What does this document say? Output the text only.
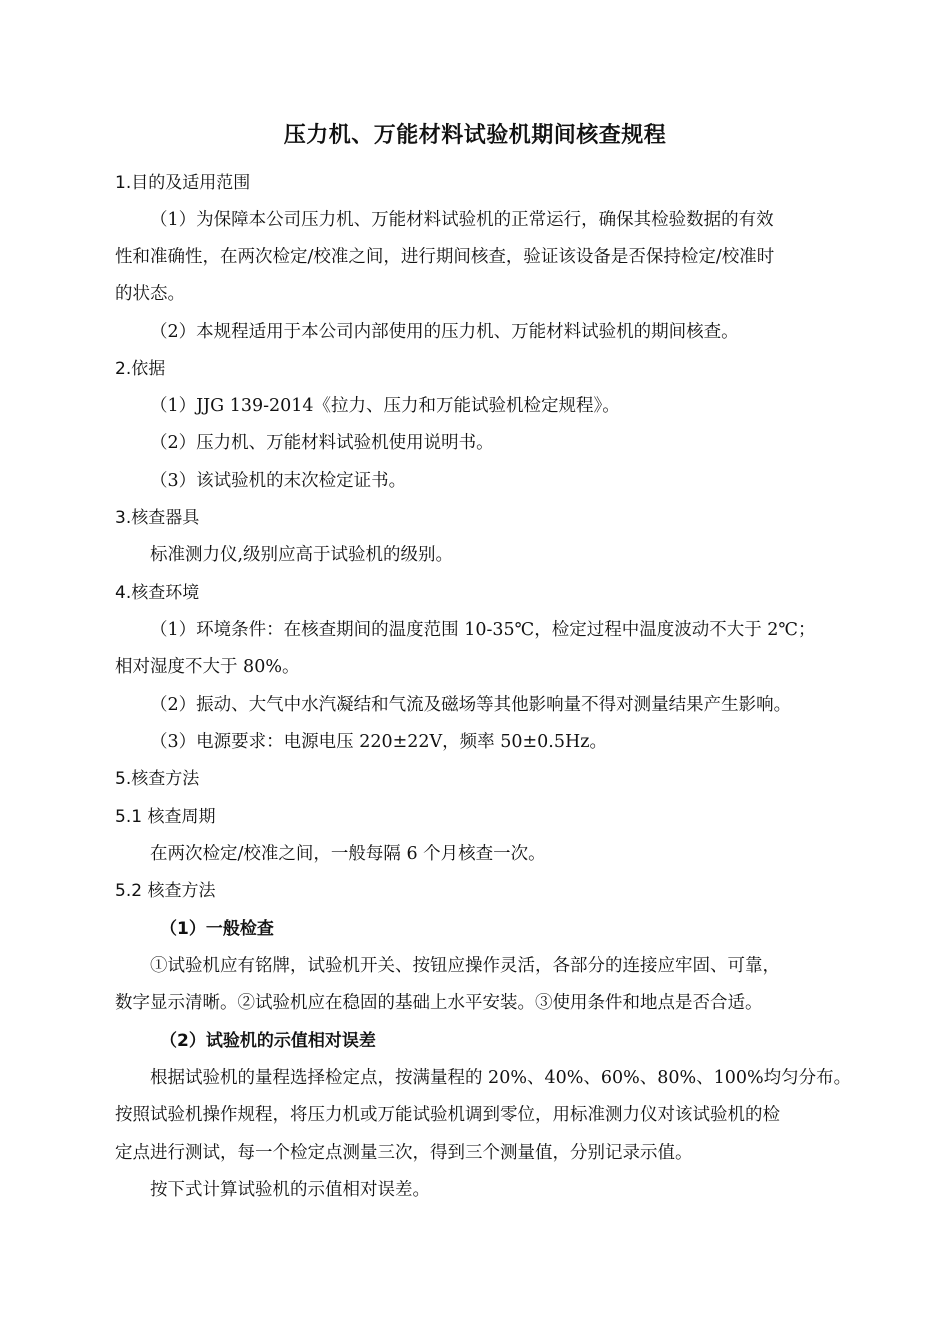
压力机、万能材料试验机期间核查规程
1.目的及适用范围
（1）为保障本公司压力机、万能材料试验机的正常运行，确保其检验数据的有效
性和准确性，在两次检定/校准之间，进行期间核查，验证该设备是否保持检定/校准时
的状态。
（2）本规程适用于本公司内部使用的压力机、万能材料试验机的期间核查。
2.依据
（1）JJG 139-2014《拉力、压力和万能试验机检定规程》。
（2）压力机、万能材料试验机使用说明书。
（3）该试验机的末次检定证书。
3.核查器具
标准测力仪,级别应高于试验机的级别。
4.核查环境
（1）环境条件：在核查期间的温度范围 10-35℃，检定过程中温度波动不大于 2℃；
相对湿度不大于 80%。
（2）振动、大气中水汽凝结和气流及磁场等其他影响量不得对测量结果产生影响。
（3）电源要求：电源电压 220±22V，频率 50±0.5Hz。
5.核查方法
5.1 核查周期
在两次检定/校准之间，一般每隔 6 个月核查一次。
5.2 核查方法
（1）一般检查
①试验机应有铭牌，试验机开关、按钮应操作灵活，各部分的连接应牢固、可靠，
数字显示清晰。②试验机应在稳固的基础上水平安装。③使用条件和地点是否合适。
（2）试验机的示值相对误差
根据试验机的量程选择检定点，按满量程的 20%、40%、60%、80%、100%均匀分布。
按照试验机操作规程，将压力机或万能试验机调到零位，用标准测力仪对该试验机的检
定点进行测试，每一个检定点测量三次，得到三个测量值，分别记录示值。
按下式计算试验机的示值相对误差。
